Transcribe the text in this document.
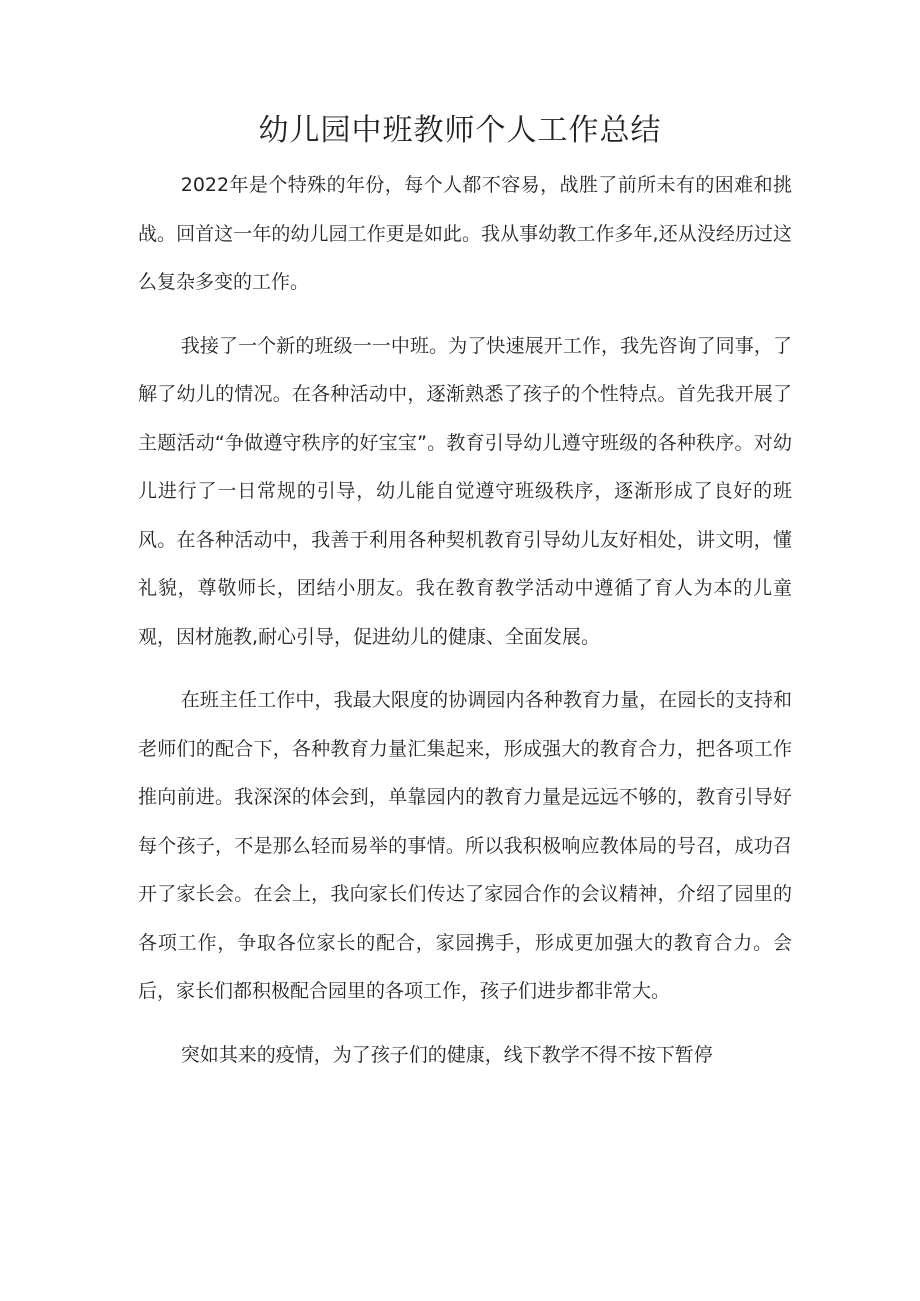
幼儿园中班教师个人工作总结

2022年是个特殊的年份，每个人都不容易，战胜了前所未有的困难和挑战。回首这一年的幼儿园工作更是如此。我从事幼教工作多年,还从没经历过这么复杂多变的工作。

我接了一个新的班级一一中班。为了快速展开工作，我先咨询了同事，了解了幼儿的情况。在各种活动中，逐渐熟悉了孩子的个性特点。首先我开展了主题活动“争做遵守秩序的好宝宝”。教育引导幼儿遵守班级的各种秩序。对幼儿进行了一日常规的引导，幼儿能自觉遵守班级秩序，逐渐形成了良好的班风。在各种活动中，我善于利用各种契机教育引导幼儿友好相处，讲文明，懂礼貌，尊敬师长，团结小朋友。我在教育教学活动中遵循了育人为本的儿童观，因材施教,耐心引导，促进幼儿的健康、全面发展。

在班主任工作中，我最大限度的协调园内各种教育力量，在园长的支持和老师们的配合下，各种教育力量汇集起来，形成强大的教育合力，把各项工作推向前进。我深深的体会到，单靠园内的教育力量是远远不够的，教育引导好每个孩子，不是那么轻而易举的事情。所以我积极响应教体局的号召，成功召开了家长会。在会上，我向家长们传达了家园合作的会议精神，介绍了园里的各项工作，争取各位家长的配合，家园携手，形成更加强大的教育合力。会后，家长们都积极配合园里的各项工作，孩子们进步都非常大。

突如其来的疫情，为了孩子们的健康，线下教学不得不按下暂停
